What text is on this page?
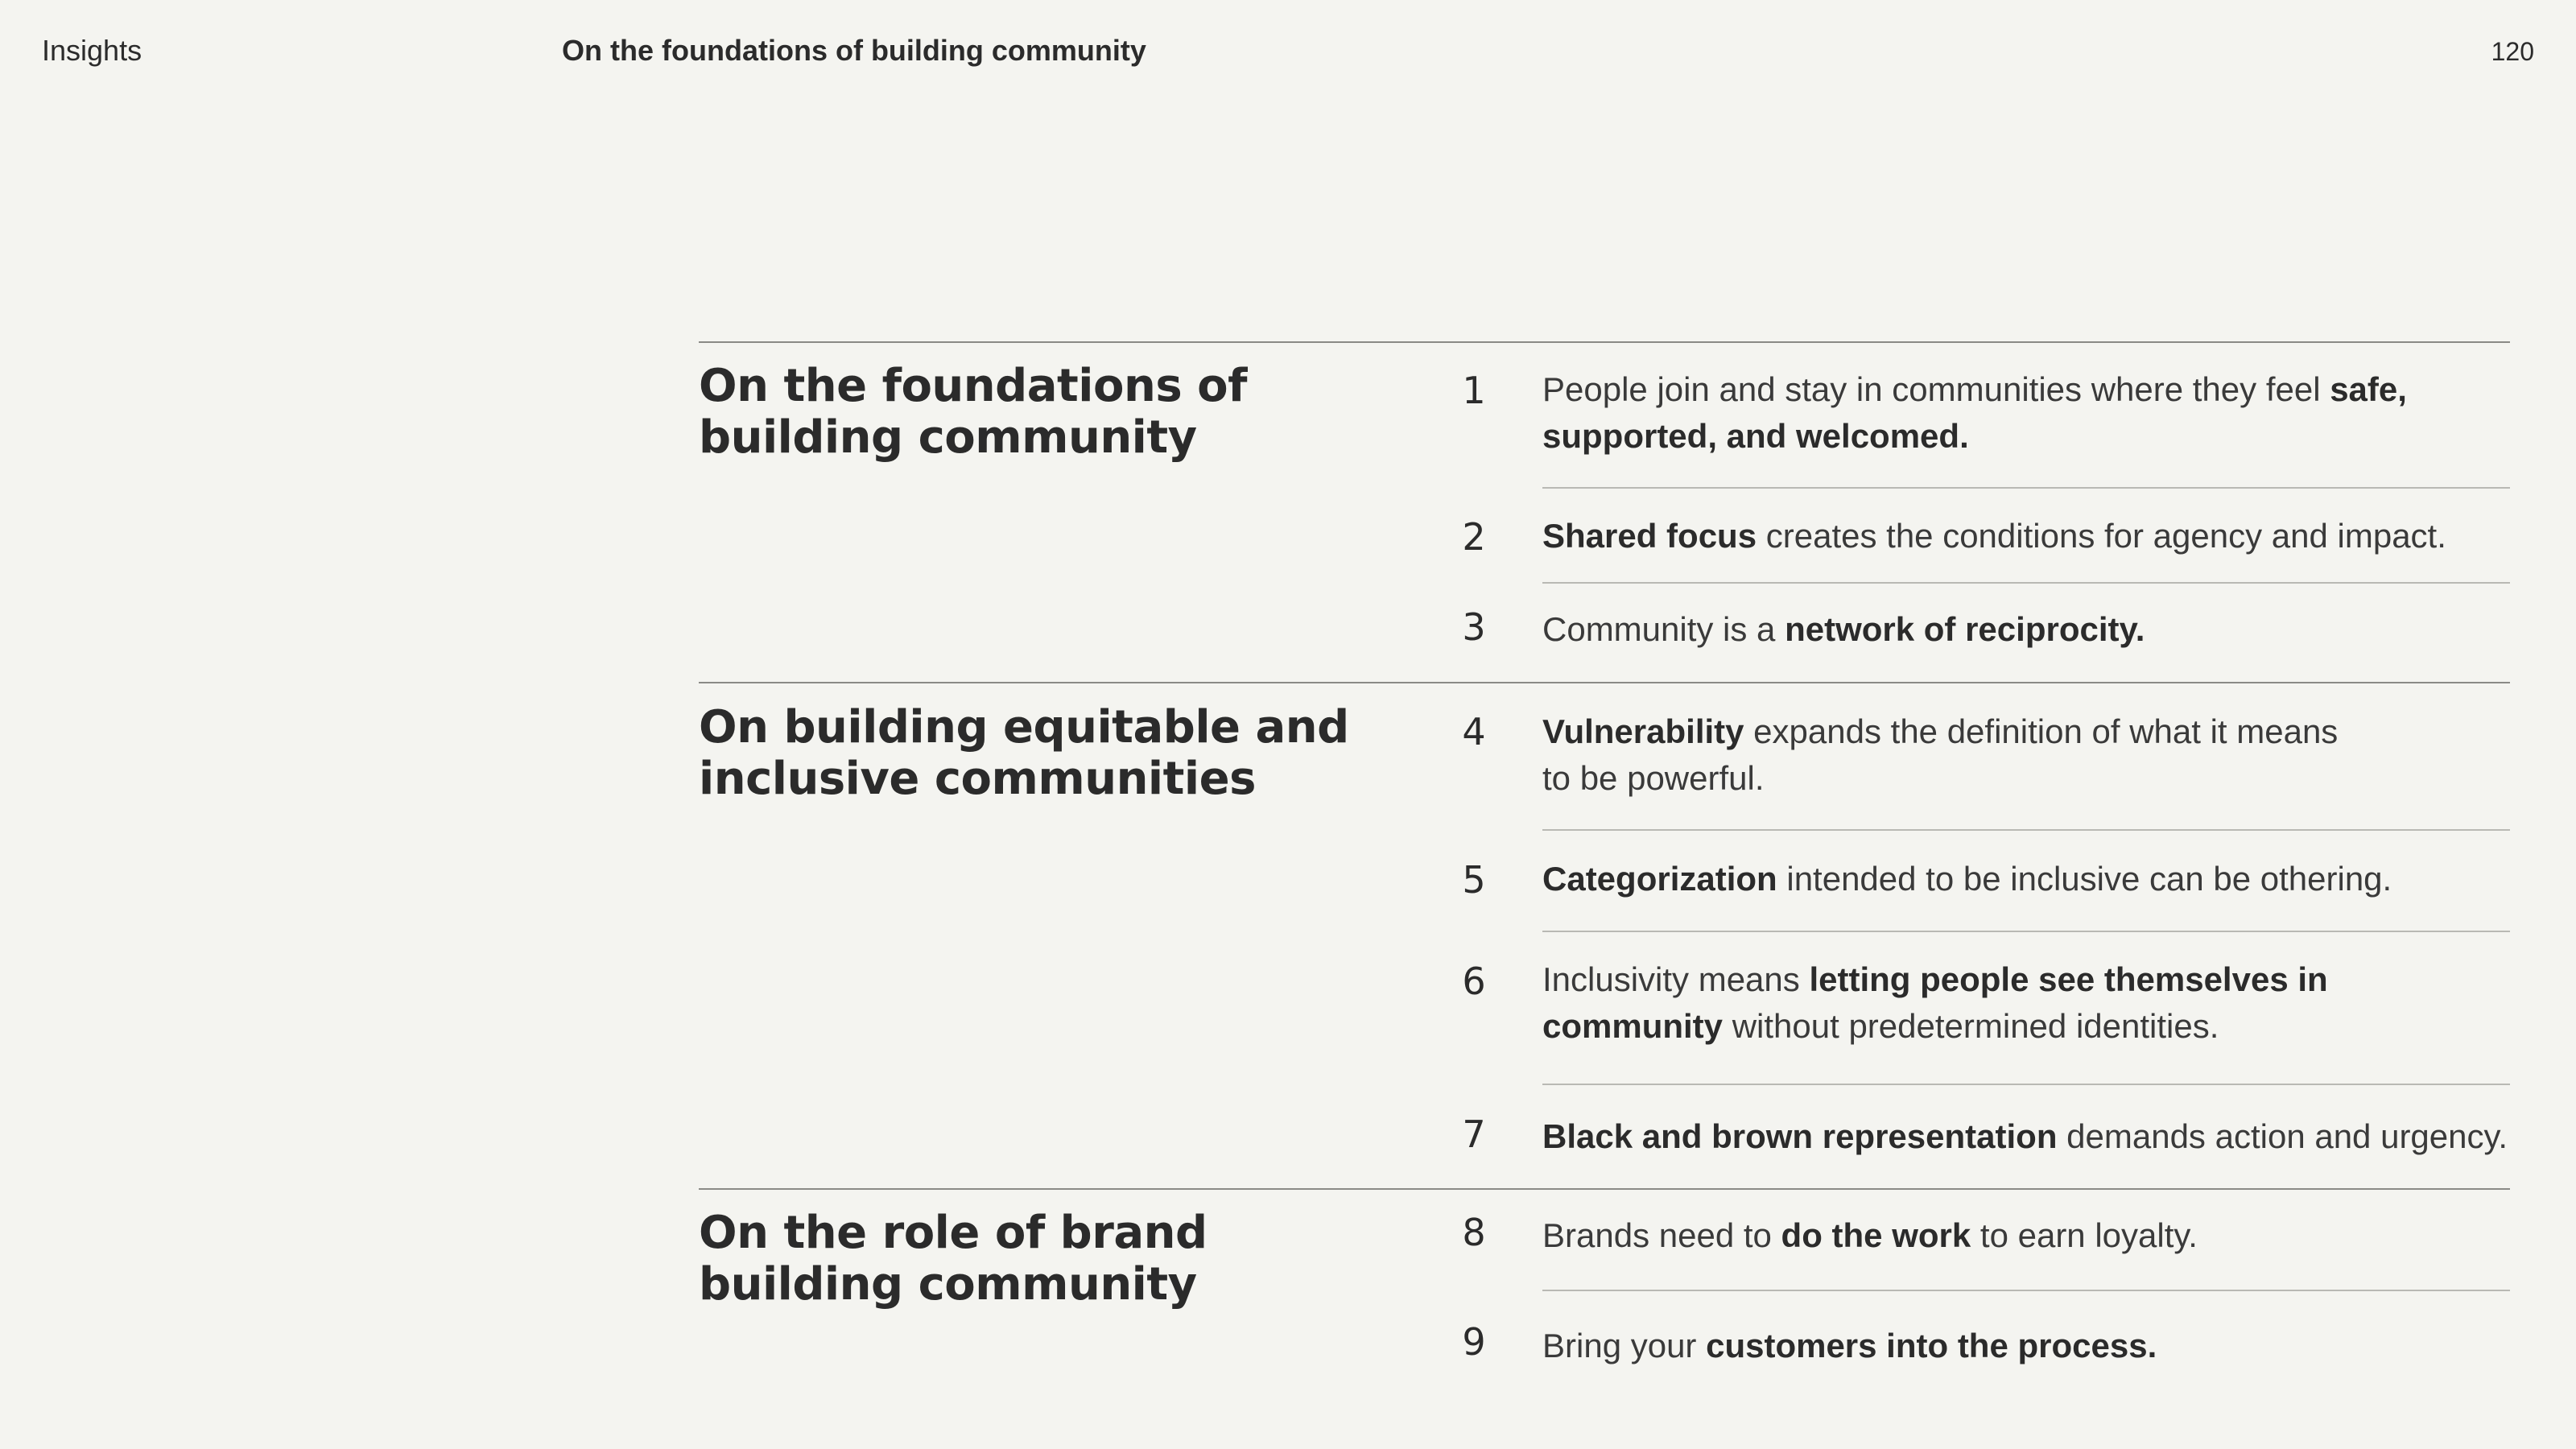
Insights	On the foundations of building community	120
On the foundations of building community
On building equitable and inclusive communities
On the role of brand building community
1
2
3
4
5
6
7
8
9
People join and stay in communities where they feel safe, supported, and welcomed.
Shared focus creates the conditions for agency and impact.
Community is a network of reciprocity.
Vulnerability expands the definition of what it means to be powerful.
Categorization intended to be inclusive can be othering.
Inclusivity means letting people see themselves in community without predetermined identities.
Black and brown representation demands action and urgency.
Brands need to do the work to earn loyalty.
Bring your customers into the process.
